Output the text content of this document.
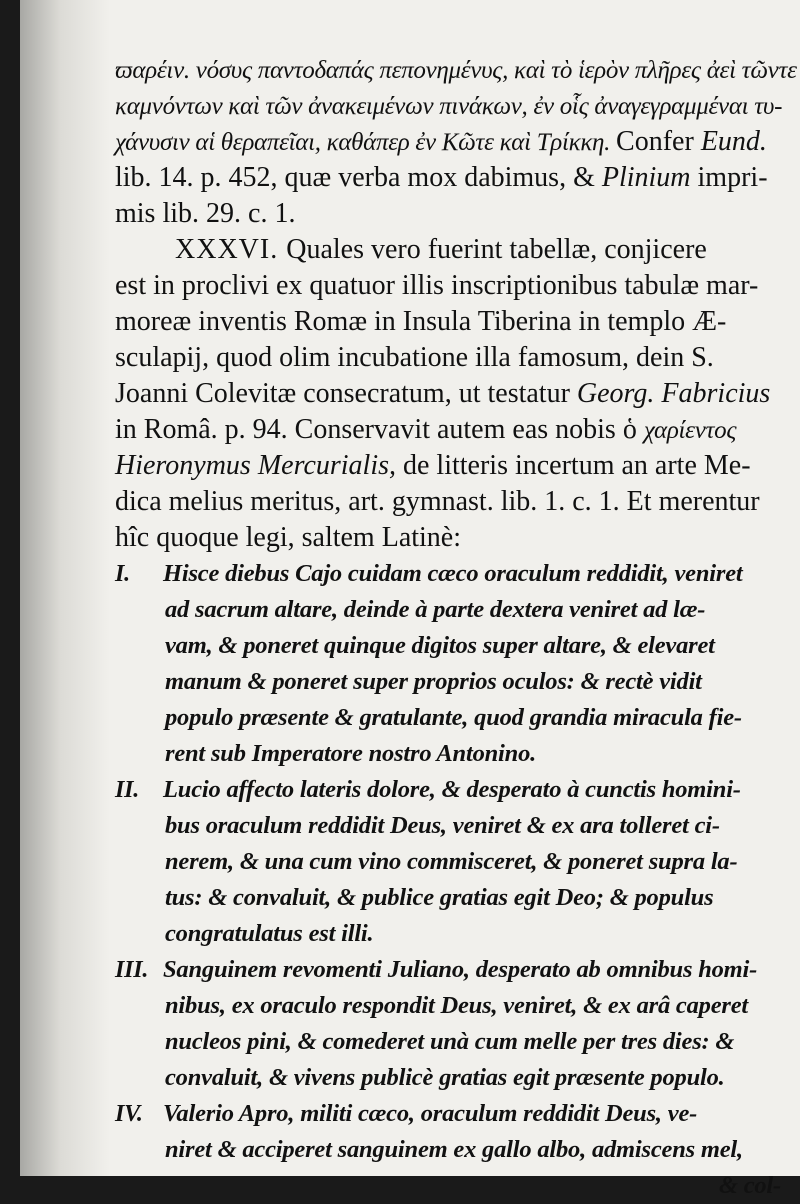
ϖαρέιν. νόσυς παντοδαπάς πεπονημένυς, καὶ τὸ ἱερὸν πλῆρες ἀεὶ τῶντε
καμνόντων καὶ τῶν ἀνακειμένων πινάκων, ἐν οἷς ἀναγεγραμμέναι τυ-
χάνυσιν αἱ θεραπεῖαι, καθάπερ ἐν Κῶτε καὶ Τρίκκη. Confer Eund.
lib. 14. p. 452, quæ verba mox dabimus, & Plinium impri-
mis lib. 29. c. 1.
XXXVI. Quales vero fuerint tabellæ, conjicere
est in proclivi ex quatuor illis inscriptionibus tabulæ mar-
moreæ inventis Romæ in Insula Tiberina in templo Æ-
sculapij, quod olim incubatione illa famosum, dein S.
Joanni Colevitæ consecratum, ut testatur Georg. Fabricius
in Româ. p. 94. Conservavit autem eas nobis ὁ χαρίεντος
Hieronymus Mercurialis, de litteris incertum an arte Me-
dica melius meritus, art. gymnast. lib. 1. c. 1. Et merentur
hîc quoque legi, saltem Latinè:
I. Hisce diebus Cajo cuidam cæco oraculum reddidit, veniret
ad sacrum altare, deinde à parte dextera veniret ad læ-
vam, & poneret quinque digitos super altare, & elevaret
manum & poneret super proprios oculos: & rectè vidit
populo præsente & gratulante, quod grandia miracula fie-
rent sub Imperatore nostro Antonino.
II. Lucio affecto lateris dolore, & desperato à cunctis homini-
bus oraculum reddidit Deus, veniret & ex ara tolleret ci-
nerem, & una cum vino commisceret, & poneret supra la-
tus: & convaluit, & publice gratias egit Deo; & populus
congratulatus est illi.
III. Sanguinem revomenti Juliano, desperato ab omnibus homi-
nibus, ex oraculo respondit Deus, veniret, & ex arâ caperet
nucleos pini, & comederet unà cum melle per tres dies: &
convaluit, & vivens publicè gratias egit præsente populo.
IV. Valerio Apro, militi cæco, oraculum reddidit Deus, ve-
niret & acciperet sanguinem ex gallo albo, admiscens mel,
& col-
